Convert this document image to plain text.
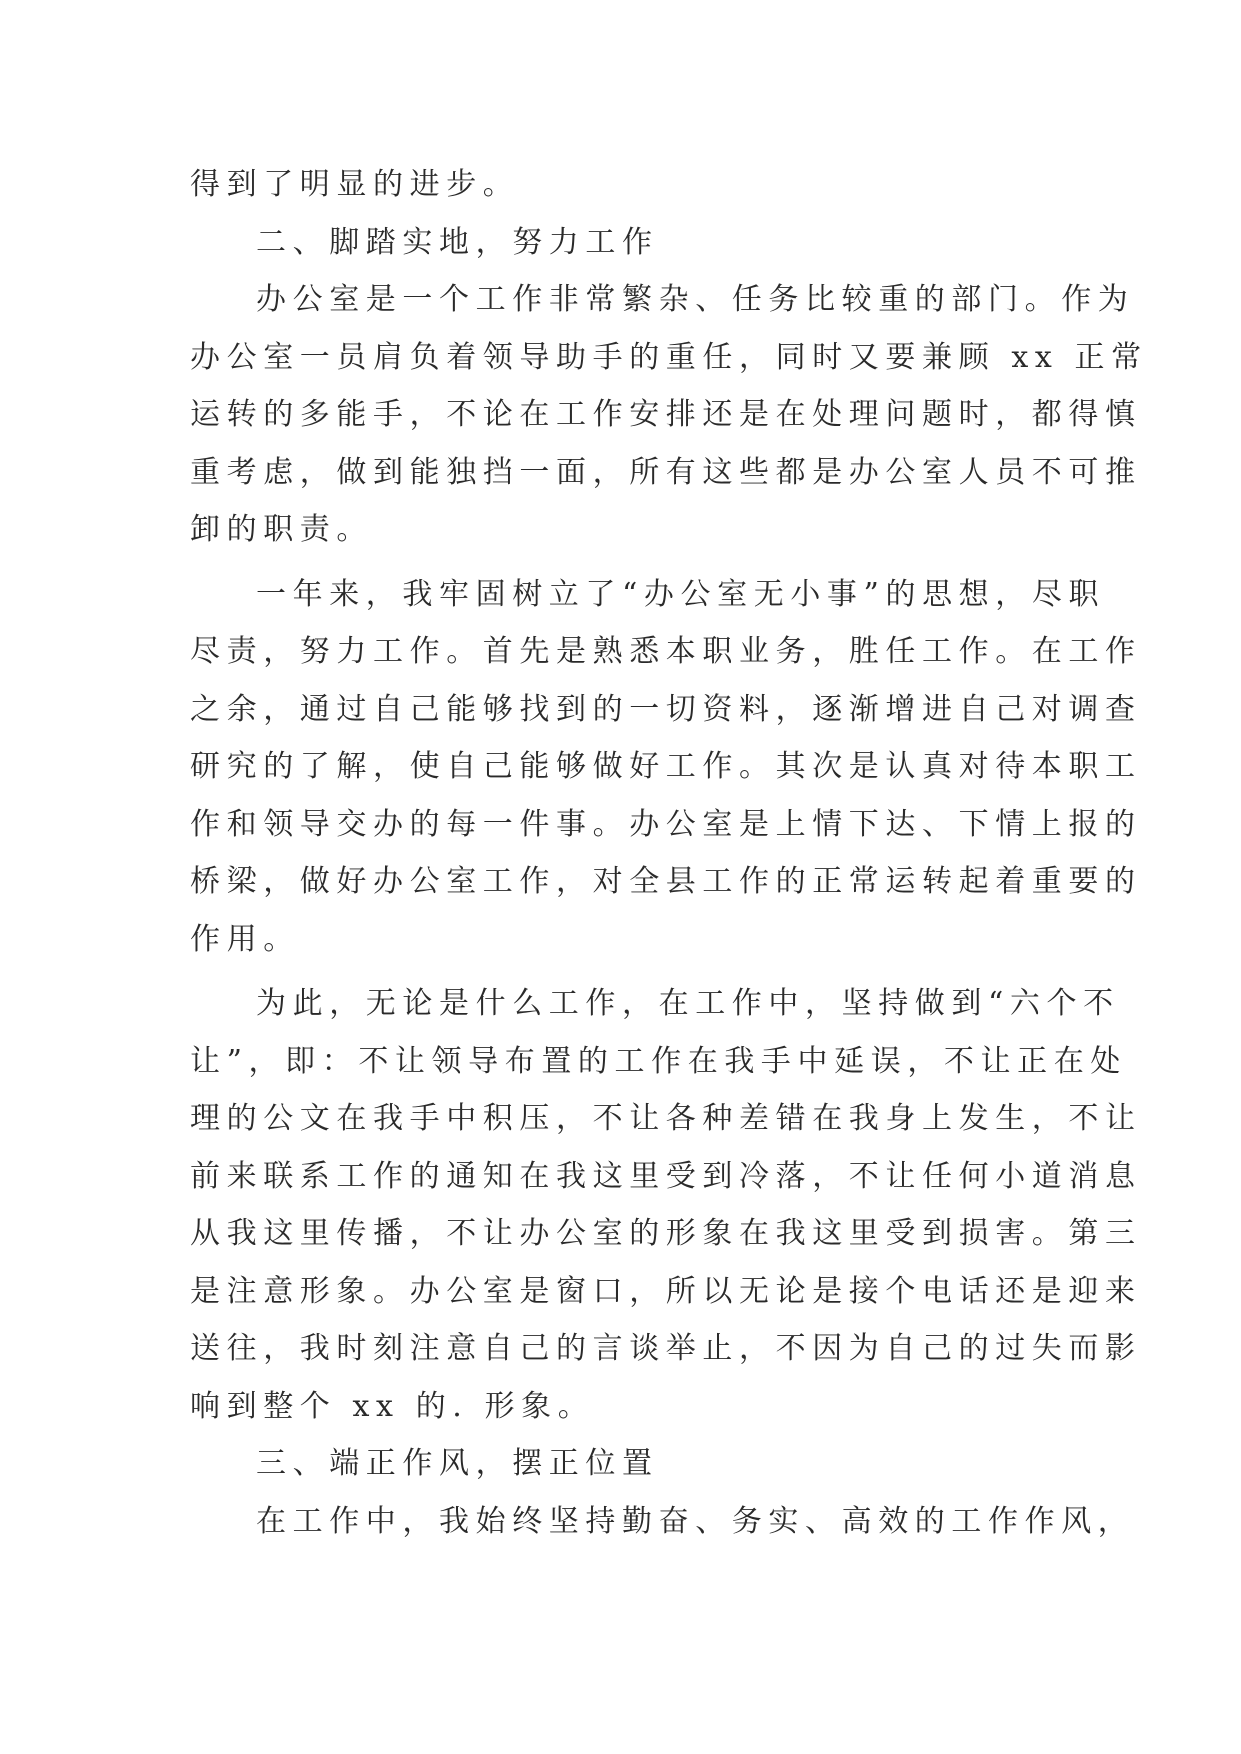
得到了明显的进步。
二、脚踏实地，努力工作
办公室是一个工作非常繁杂、任务比较重的部门。作为
办公室一员肩负着领导助手的重任，同时又要兼顾 xx 正常
运转的多能手，不论在工作安排还是在处理问题时，都得慎
重考虑，做到能独挡一面，所有这些都是办公室人员不可推
卸的职责。
一年来，我牢固树立了“办公室无小事”的思想，尽职
尽责，努力工作。首先是熟悉本职业务，胜任工作。在工作
之余，通过自己能够找到的一切资料，逐渐增进自己对调查
研究的了解，使自己能够做好工作。其次是认真对待本职工
作和领导交办的每一件事。办公室是上情下达、下情上报的
桥梁，做好办公室工作，对全县工作的正常运转起着重要的
作用。
为此，无论是什么工作，在工作中，坚持做到“六个不
让”，即：不让领导布置的工作在我手中延误，不让正在处
理的公文在我手中积压，不让各种差错在我身上发生，不让
前来联系工作的通知在我这里受到冷落，不让任何小道消息
从我这里传播，不让办公室的形象在我这里受到损害。第三
是注意形象。办公室是窗口，所以无论是接个电话还是迎来
送往，我时刻注意自己的言谈举止，不因为自己的过失而影
响到整个 xx 的. 形象。
三、端正作风，摆正位置
在工作中，我始终坚持勤奋、务实、高效的工作作风，
